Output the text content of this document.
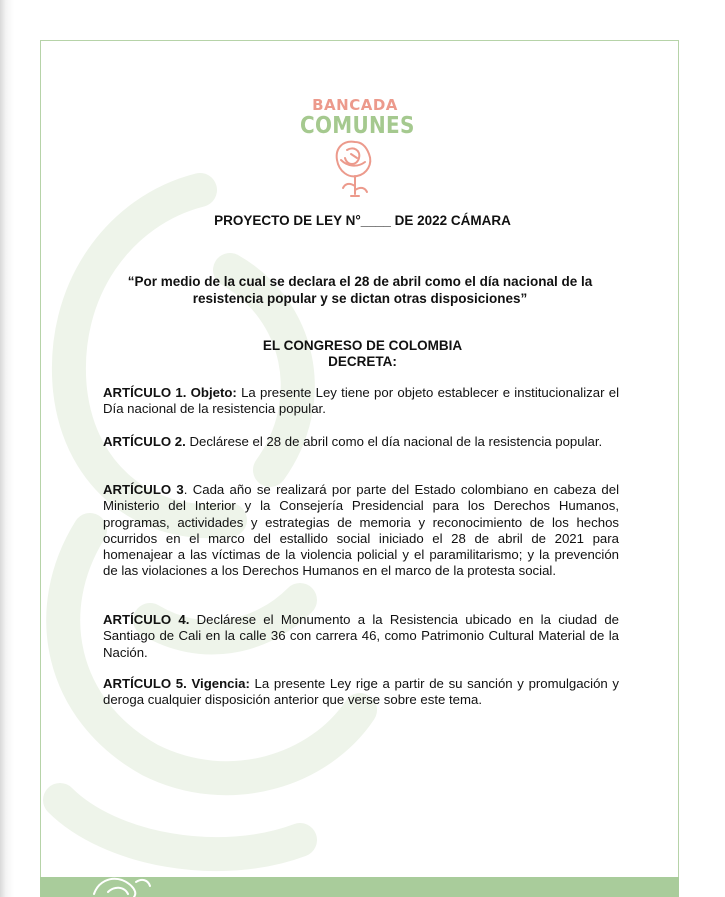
BANCADA
COMUNES
PROYECTO DE LEY N°____ DE 2022 CÁMARA
“Por medio de la cual se declara el 28 de abril como el día nacional de la resistencia popular y se dictan otras disposiciones”
EL CONGRESO DE COLOMBIA
DECRETA:
ARTÍCULO 1. Objeto: La presente Ley tiene por objeto establecer e institucionalizar el Día nacional de la resistencia popular.
ARTÍCULO 2. Declárese el 28 de abril como el día nacional de la resistencia popular.
ARTÍCULO 3. Cada año se realizará por parte del Estado colombiano en cabeza del Ministerio del Interior y la Consejería Presidencial para los Derechos Humanos, programas, actividades y estrategias de memoria y reconocimiento de los hechos ocurridos en el marco del estallido social iniciado el 28 de abril de 2021 para homenajear a las víctimas de la violencia policial y el paramilitarismo; y la prevención de las violaciones a los Derechos Humanos en el marco de la protesta social.
ARTÍCULO 4. Declárese el Monumento a la Resistencia ubicado en la ciudad de Santiago de Cali en la calle 36 con carrera 46, como Patrimonio Cultural Material de la Nación.
ARTÍCULO 5. Vigencia: La presente Ley rige a partir de su sanción y promulgación y deroga cualquier disposición anterior que verse sobre este tema.
